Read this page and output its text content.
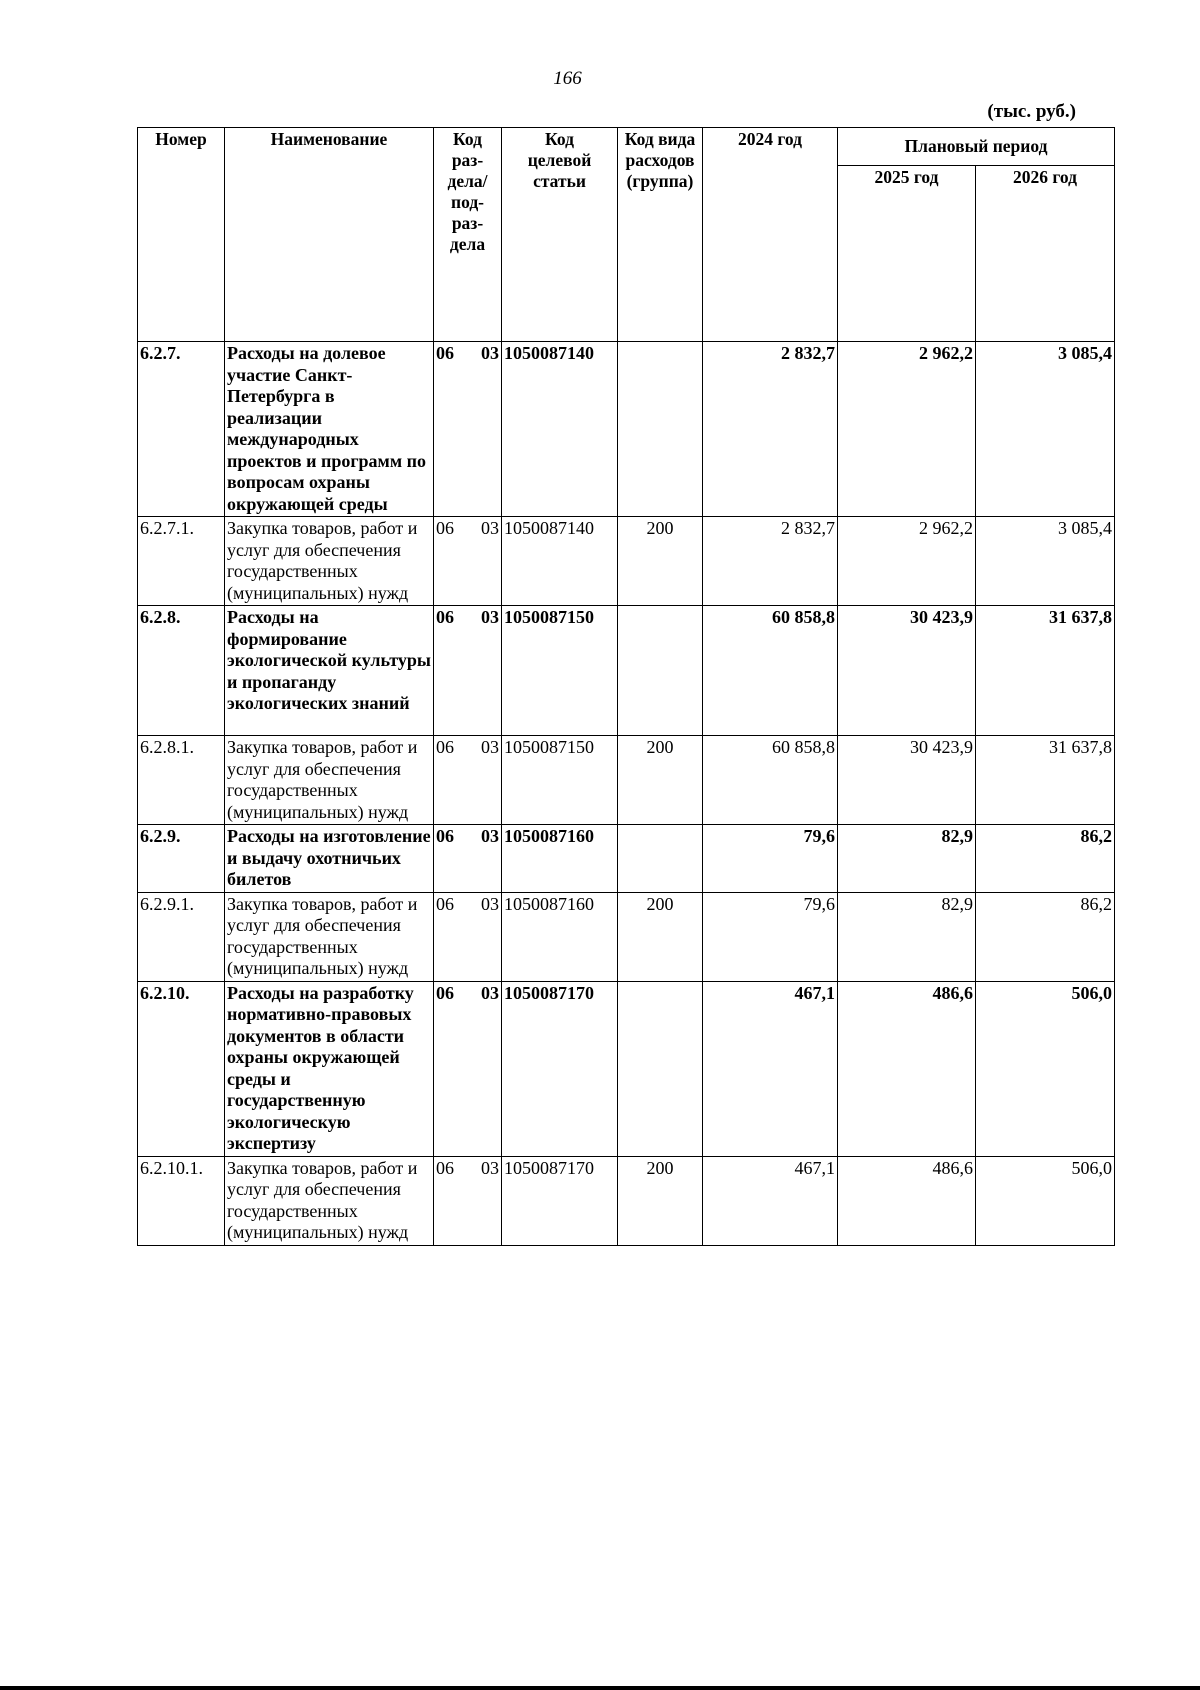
166
(тыс. руб.)
Номер	Наименование	Код раз-дела/ под-раз-дела	Код целевой статьи	Код вида расходов (группа)	2024 год	Плановый период	
						2025 год	2026 год
6.2.7.	Расходы на долевое участие Санкт-Петербурга в реализации международных проектов и программ по вопросам охраны окружающей среды	06 03	1050087140		2 832,7	2 962,2	3 085,4
6.2.7.1.	Закупка товаров, работ и услуг для обеспечения государственных (муниципальных) нужд	06 03	1050087140	200	2 832,7	2 962,2	3 085,4
6.2.8.	Расходы на формирование экологической культуры и пропаганду экологических знаний	06 03	1050087150		60 858,8	30 423,9	31 637,8
6.2.8.1.	Закупка товаров, работ и услуг для обеспечения государственных (муниципальных) нужд	06 03	1050087150	200	60 858,8	30 423,9	31 637,8
6.2.9.	Расходы на изготовление и выдачу охотничьих билетов	06 03	1050087160		79,6	82,9	86,2
6.2.9.1.	Закупка товаров, работ и услуг для обеспечения государственных (муниципальных) нужд	06 03	1050087160	200	79,6	82,9	86,2
6.2.10.	Расходы на разработку нормативно-правовых документов в области охраны окружающей среды и государственную экологическую экспертизу	06 03	1050087170		467,1	486,6	506,0
6.2.10.1.	Закупка товаров, работ и услуг для обеспечения государственных (муниципальных) нужд	06 03	1050087170	200	467,1	486,6	506,0
